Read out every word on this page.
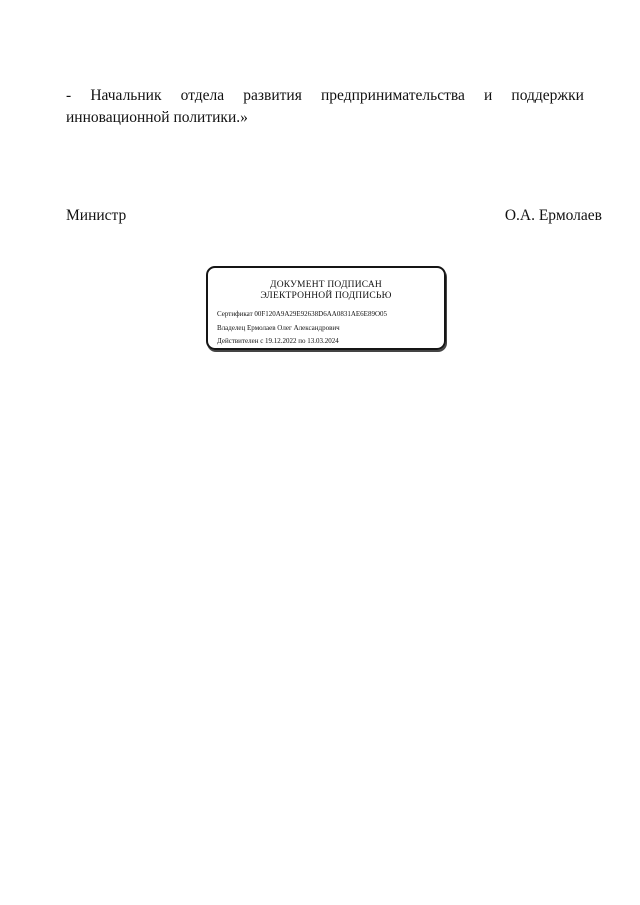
- Начальник отдела развития предпринимательства и поддержки
инновационной политики.»
Министр	О.А. Ермолаев
ДОКУМЕНТ ПОДПИСАН
ЭЛЕКТРОННОЙ ПОДПИСЬЮ
Сертификат 00F120A9A29E92638D6AA0831AE6E89O05
Владелец Ермолаев Олег Александрович
Действителен с 19.12.2022 по 13.03.2024
